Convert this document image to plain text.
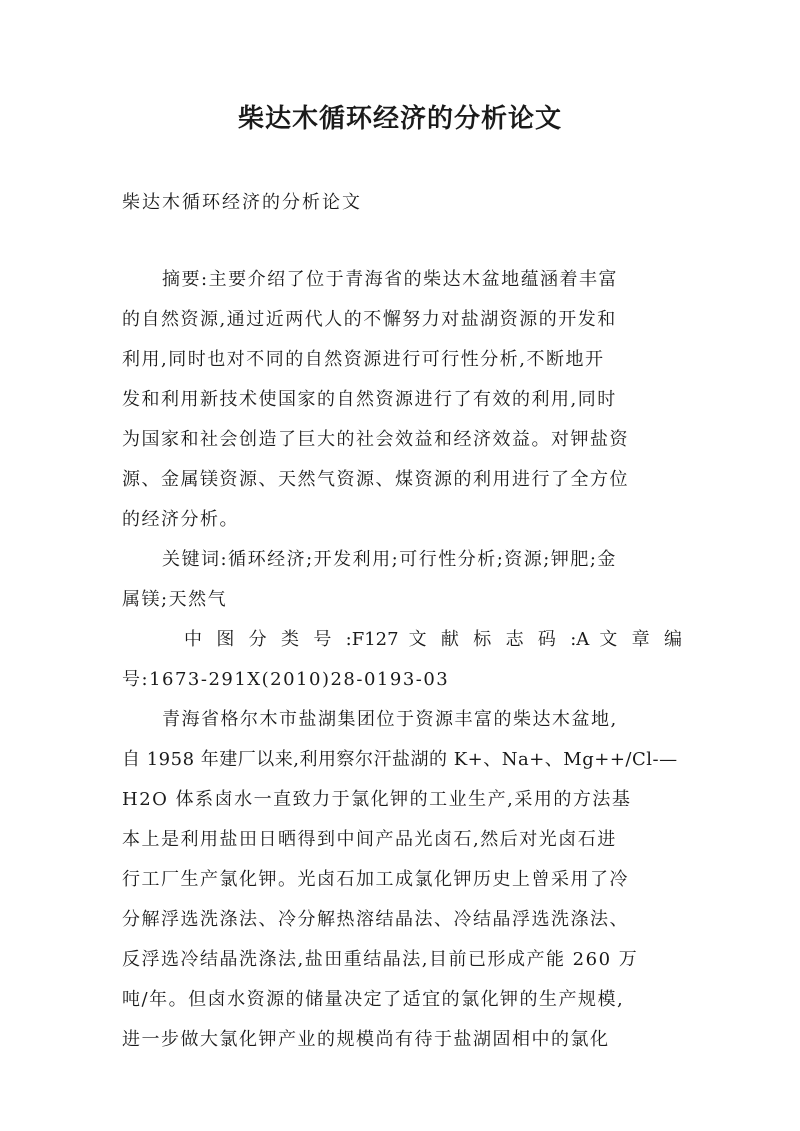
柴达木循环经济的分析论文

柴达木循环经济的分析论文

摘要:主要介绍了位于青海省的柴达木盆地蕴涵着丰富
的自然资源,通过近两代人的不懈努力对盐湖资源的开发和
利用,同时也对不同的自然资源进行可行性分析,不断地开
发和利用新技术使国家的自然资源进行了有效的利用,同时
为国家和社会创造了巨大的社会效益和经济效益。对钾盐资
源、金属镁资源、天然气资源、煤资源的利用进行了全方位
的经济分析。
关键词:循环经济;开发利用;可行性分析;资源;钾肥;金
属镁;天然气
中 图 分 类 号 :F127 文 献 标 志 码 :A 文 章 编
号:1673-291X(2010)28-0193-03
青海省格尔木市盐湖集团位于资源丰富的柴达木盆地,
自 1958 年建厂以来,利用察尔汗盐湖的 K+、Na+、Mg++/Cl-—
H2O 体系卤水一直致力于氯化钾的工业生产,采用的方法基
本上是利用盐田日晒得到中间产品光卤石,然后对光卤石进
行工厂生产氯化钾。光卤石加工成氯化钾历史上曾采用了冷
分解浮选洗涤法、冷分解热溶结晶法、冷结晶浮选洗涤法、
反浮选冷结晶洗涤法,盐田重结晶法,目前已形成产能 260 万
吨/年。但卤水资源的储量决定了适宜的氯化钾的生产规模,
进一步做大氯化钾产业的规模尚有待于盐湖固相中的氯化
